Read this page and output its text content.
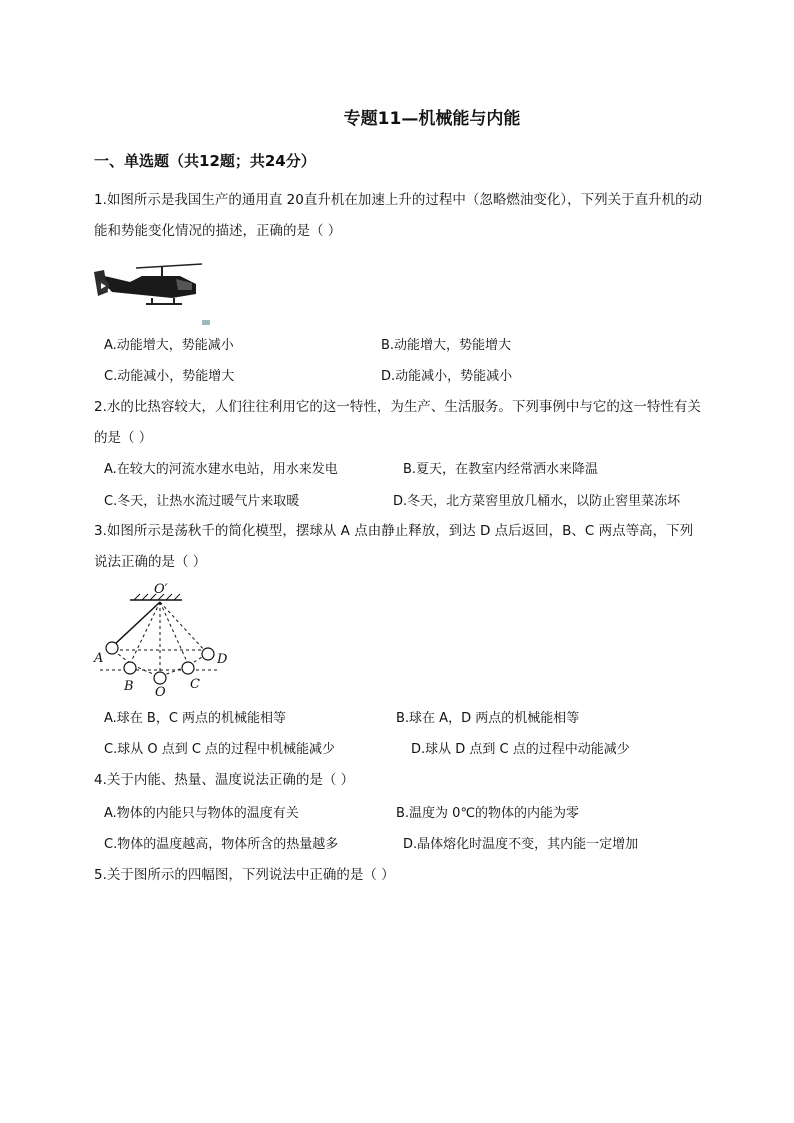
专题11—机械能与内能
一、单选题（共12题；共24分）
1.如图所示是我国生产的通用直 20直升机在加速上升的过程中（忽略燃油变化），下列关于直升机的动能和势能变化情况的描述，正确的是（ ）
A.动能增大，势能减小	B.动能增大，势能增大
C.动能减小，势能增大	D.动能减小，势能减小
2.水的比热容较大，人们往往利用它的这一特性，为生产、生活服务。下列事例中与它的这一特性有关的是（ ）
A.在较大的河流水建水电站，用水来发电	B.夏天，在教室内经常洒水来降温
C.冬天，让热水流过暖气片来取暖	D.冬天，北方菜窖里放几桶水，以防止窖里菜冻坏
3.如图所示是荡秋千的简化模型，摆球从 A 点由静止释放，到达 D 点后返回，B、C 两点等高，下列说法正确的是（ ）
O′
A
B O
C
D
A.球在 B，C 两点的机械能相等	B.球在 A，D 两点的机械能相等
C.球从 O 点到 C 点的过程中机械能减少	D.球从 D 点到 C 点的过程中动能减少
4.关于内能、热量、温度说法正确的是（ ）
A.物体的内能只与物体的温度有关	B.温度为 0℃的物体的内能为零
C.物体的温度越高，物体所含的热量越多	D.晶体熔化时温度不变，其内能一定增加
5.关于图所示的四幅图，下列说法中正确的是（ ）
